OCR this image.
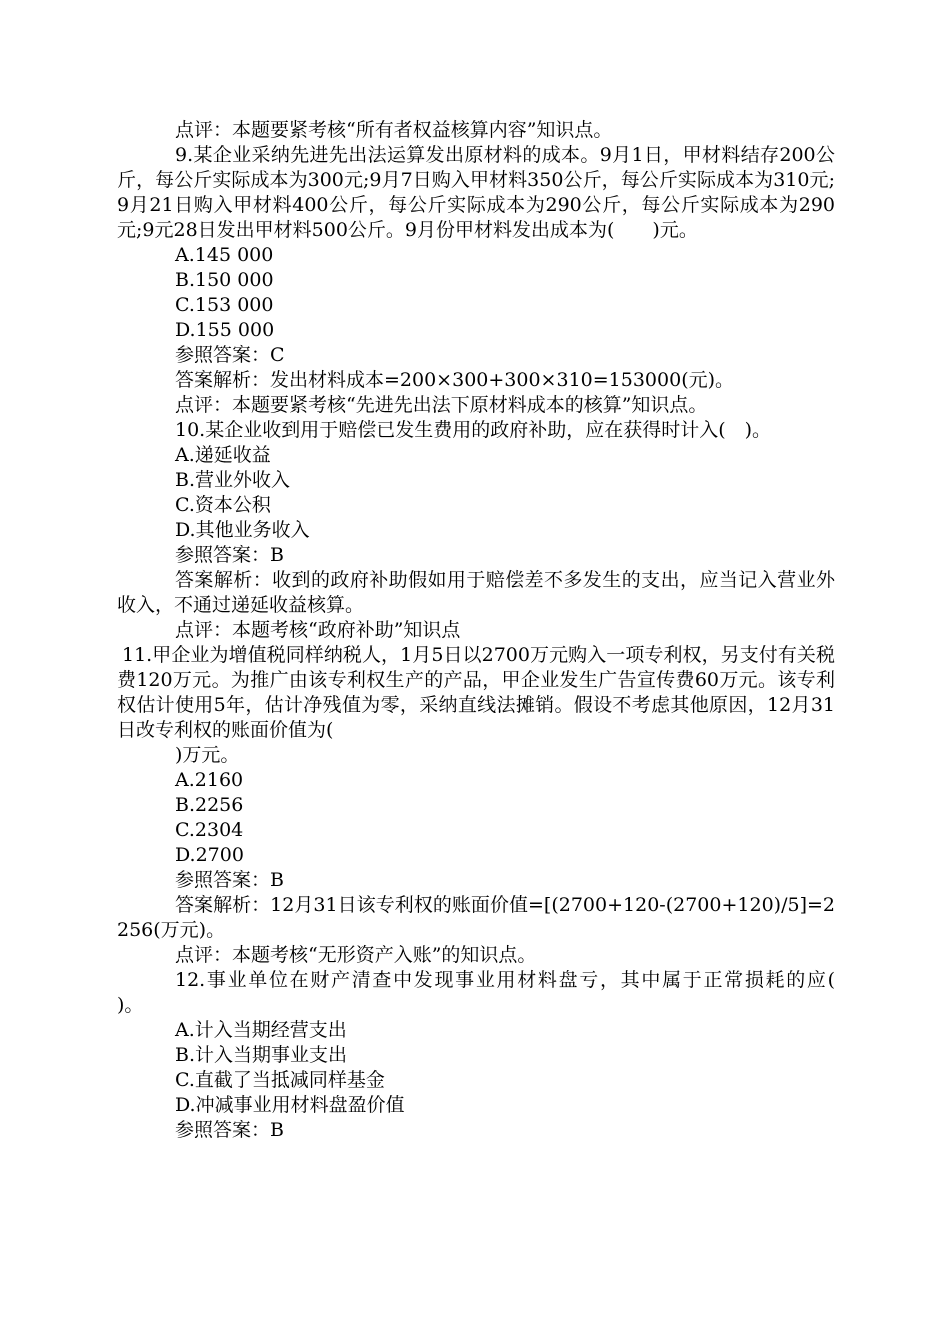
点评：本题要紧考核“所有者权益核算内容”知识点。

9.某企业采纳先进先出法运算发出原材料的成本。9月1日，甲材料结存200公斤，每公斤实际成本为300元;9月7日购入甲材料350公斤，每公斤实际成本为310元;9月21日购入甲材料400公斤，每公斤实际成本为290公斤，每公斤实际成本为290元;9元28日发出甲材料500公斤。9月份甲材料发出成本为(　　)元。

A.145 000

B.150 000

C.153 000

D.155 000

参照答案：C

答案解析：发出材料成本=200×300+300×310=153000(元)。

点评：本题要紧考核“先进先出法下原材料成本的核算”知识点。

10.某企业收到用于赔偿已发生费用的政府补助，应在获得时计入(　)。

A.递延收益

B.营业外收入

C.资本公积

D.其他业务收入

参照答案：B

答案解析：收到的政府补助假如用于赔偿差不多发生的支出，应当记入营业外收入，不通过递延收益核算。

点评：本题考核“政府补助”知识点

11.甲企业为增值税同样纳税人，1月5日以2700万元购入一项专利权，另支付有关税费120万元。为推广由该专利权生产的产品，甲企业发生广告宣传费60万元。该专利权估计使用5年，估计净残值为零，采纳直线法摊销。假设不考虑其他原因，12月31日改专利权的账面价值为(

)万元。

A.2160

B.2256

C.2304

D.2700

参照答案：B

答案解析：12月31日该专利权的账面价值=[(2700+120-(2700+120)/5]=2256(万元)。

点评：本题考核“无形资产入账”的知识点。

12.事业单位在财产清查中发现事业用材料盘亏，其中属于正常损耗的应(　　)。

A.计入当期经营支出

B.计入当期事业支出

C.直截了当抵减同样基金

D.冲减事业用材料盘盈价值

参照答案：B
